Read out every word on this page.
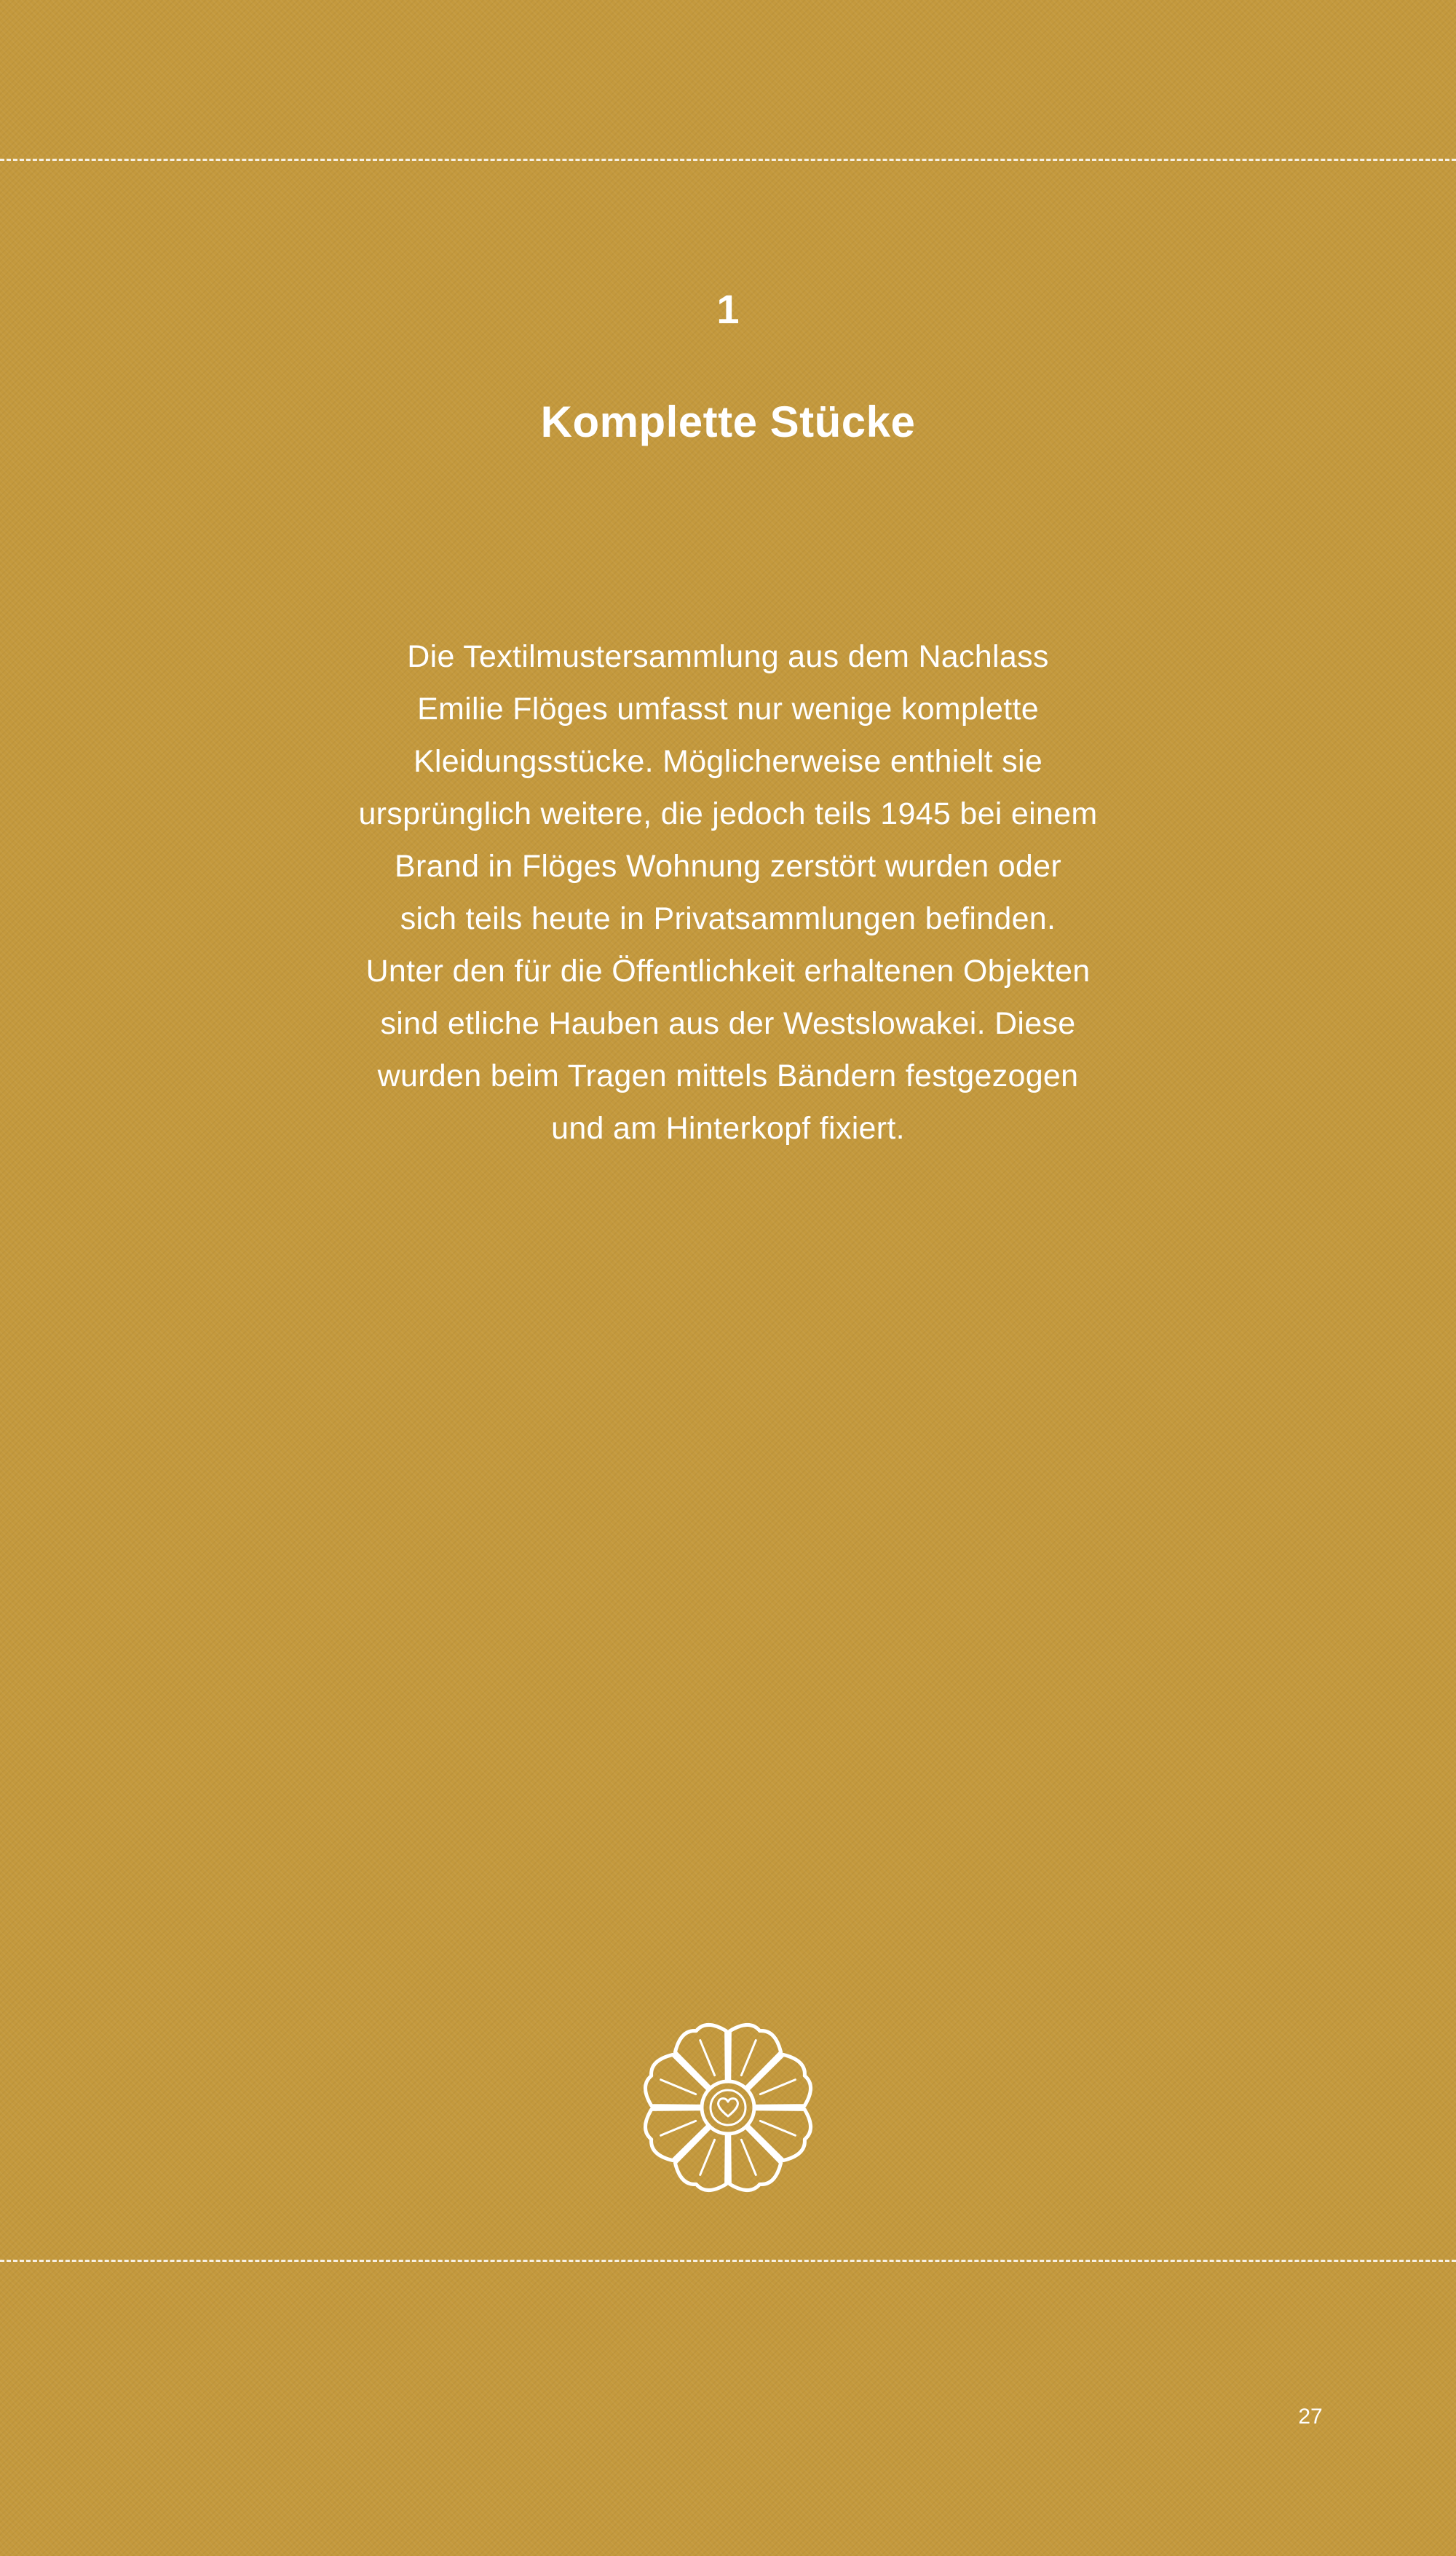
1
Komplette Stücke
Die Textilmustersammlung aus dem Nachlass
Emilie Flöges umfasst nur wenige komplette
Kleidungsstücke. Möglicherweise enthielt sie
ursprünglich weitere, die jedoch teils 1945 bei einem
Brand in Flöges Wohnung zerstört wurden oder
sich teils heute in Privatsammlungen befinden.
Unter den für die Öffentlichkeit erhaltenen Objekten
sind etliche Hauben aus der Westslowakei. Diese
wurden beim Tragen mittels Bändern festgezogen
und am Hinterkopf fixiert.
27
